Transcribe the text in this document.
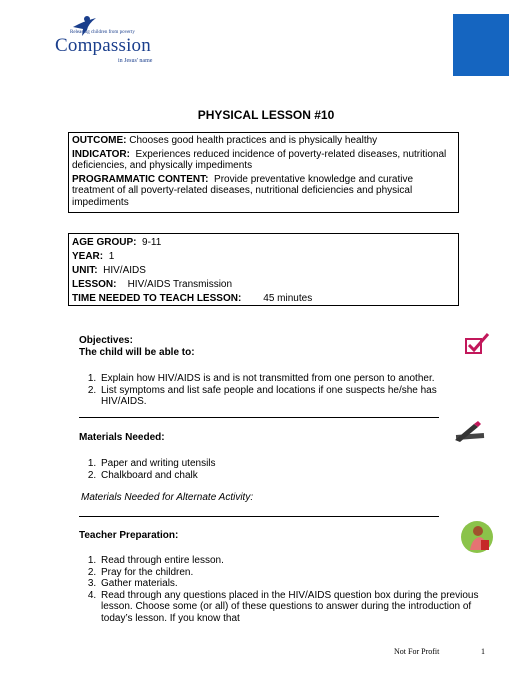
Releasing children from poverty
Compassion
in Jesus' name
PHYSICAL LESSON #10

OUTCOME: Chooses good health practices and is physically healthy

INDICATOR: Experiences reduced incidence of poverty-related diseases, nutritional deficiencies, and physically impediments

PROGRAMMATIC CONTENT: Provide preventative knowledge and curative treatment of all poverty-related diseases, nutritional deficiencies and physical impediments

AGE GROUP: 9-11
YEAR: 1
UNIT: HIV/AIDS
LESSON: HIV/AIDS Transmission
TIME NEEDED TO TEACH LESSON: 45 minutes
Objectives:
The child will be able to:
1. Explain how HIV/AIDS is and is not transmitted from one person to another.
2. List symptoms and list safe people and locations if one suspects he/she has HIV/AIDS.
Materials Needed:
1. Paper and writing utensils
2. Chalkboard and chalk
Materials Needed for Alternate Activity:
Teacher Preparation:
1. Read through entire lesson.
2. Pray for the children.
3. Gather materials.
4. Read through any questions placed in the HIV/AIDS question box during the previous lesson. Choose some (or all) of these questions to answer during the introduction of today’s lesson. If you know that
Not For Profit	1
